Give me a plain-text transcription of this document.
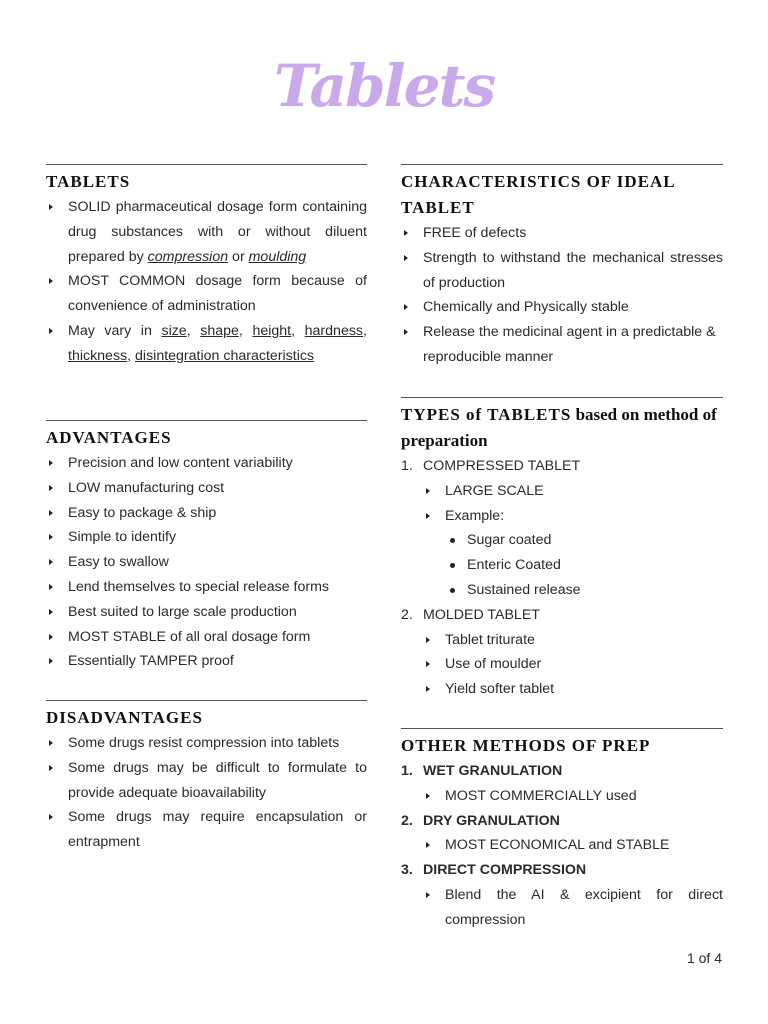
Tablets
TABLETS
SOLID pharmaceutical dosage form containing drug substances with or without diluent prepared by compression or moulding
MOST COMMON dosage form because of convenience of administration
May vary in size, shape, height, hardness, thickness, disintegration characteristics
ADVANTAGES
Precision and low content variability
LOW manufacturing cost
Easy to package & ship
Simple to identify
Easy to swallow
Lend themselves to special release forms
Best suited to large scale production
MOST STABLE of all oral dosage form
Essentially TAMPER proof
DISADVANTAGES
Some drugs resist compression into tablets
Some drugs may be difficult to formulate to provide adequate bioavailability
Some drugs may require encapsulation or entrapment
CHARACTERISTICS OF IDEAL TABLET
FREE of defects
Strength to withstand the mechanical stresses of production
Chemically and Physically stable
Release the medicinal agent in a predictable & reproducible manner
TYPES of TABLETS based on method of preparation
1. COMPRESSED TABLET
LARGE SCALE
Example:
Sugar coated
Enteric Coated
Sustained release
2. MOLDED TABLET
Tablet triturate
Use of moulder
Yield softer tablet
OTHER METHODS OF PREP
1. WET GRANULATION
MOST COMMERCIALLY used
2. DRY GRANULATION
MOST ECONOMICAL and STABLE
3. DIRECT COMPRESSION
Blend the AI & excipient for direct compression
1 of 4
